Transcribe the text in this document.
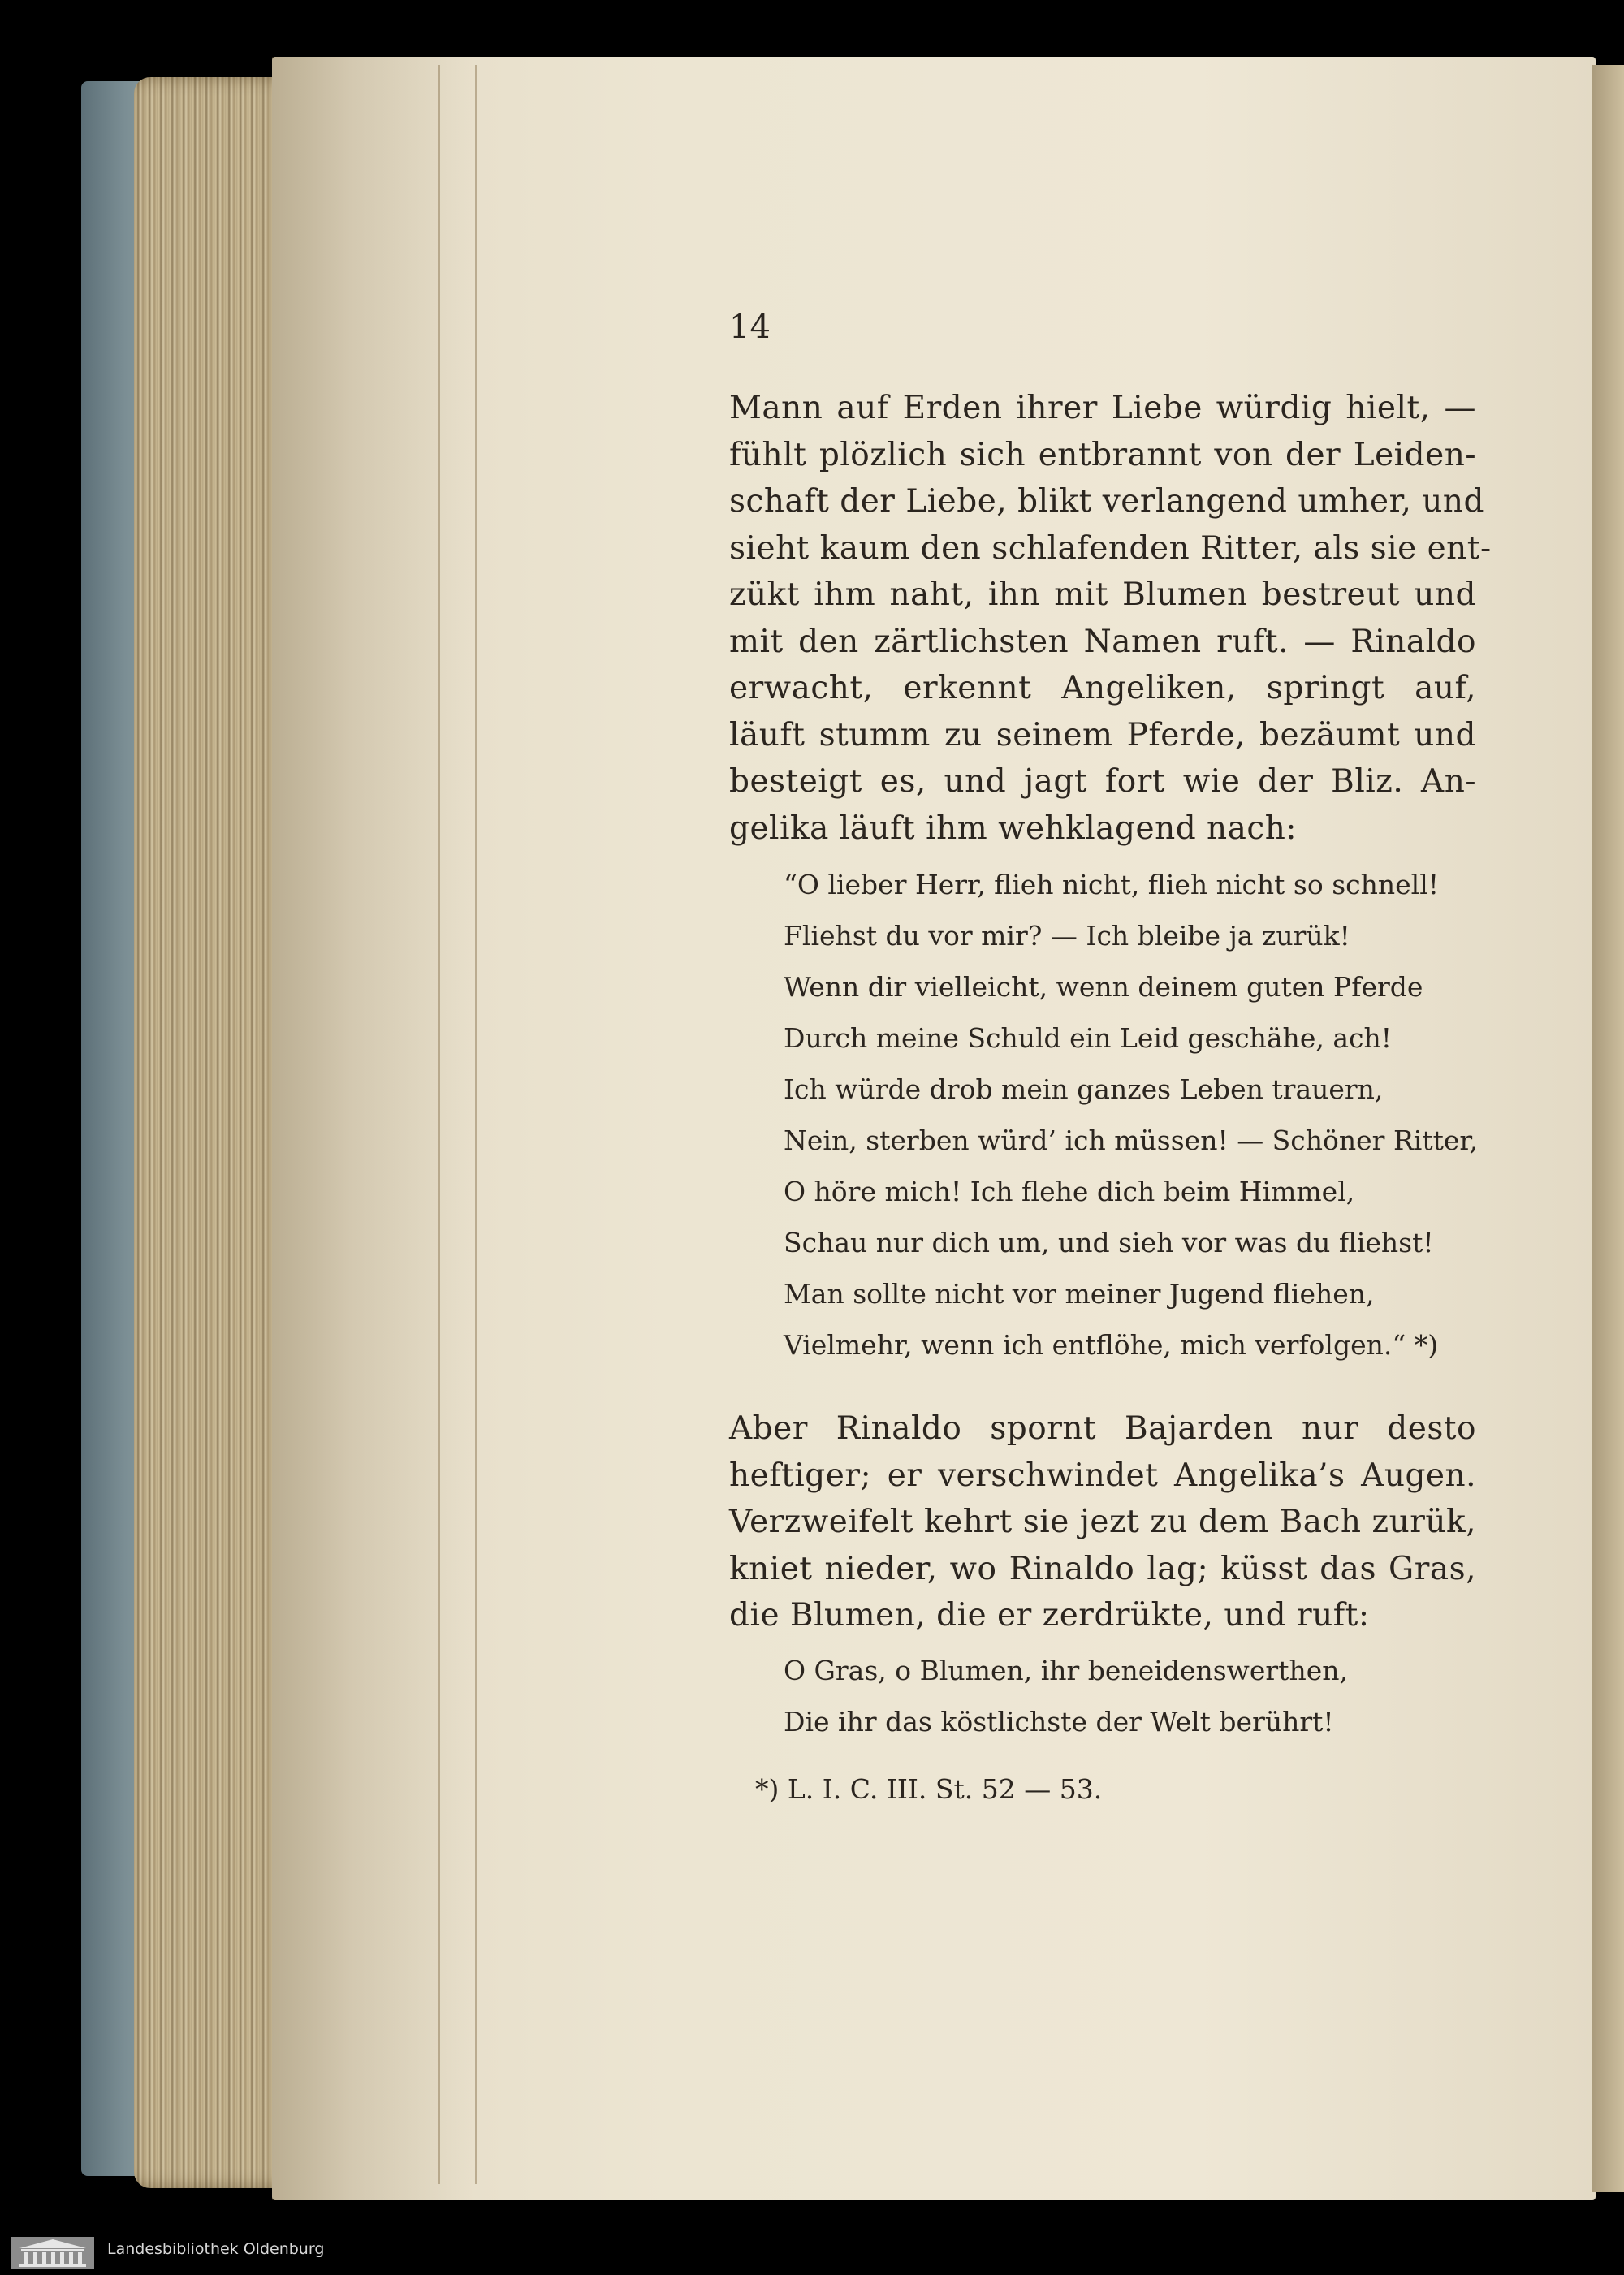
14
Mann auf Erden ihrer Liebe würdig hielt, —
fühlt plözlich sich entbrannt von der Leiden-
schaft der Liebe, blikt verlangend umher, und
sieht kaum den schlafenden Ritter, als sie ent-
zükt ihm naht, ihn mit Blumen bestreut und
mit den zärtlichsten Namen ruft. — Rinaldo
erwacht, erkennt Angeliken, springt auf,
läuft stumm zu seinem Pferde, bezäumt und
besteigt es, und jagt fort wie der Bliz. An-
gelika läuft ihm wehklagend nach:
“O lieber Herr, flieh nicht, flieh nicht so schnell!
Fliehst du vor mir? — Ich bleibe ja zurük!
Wenn dir vielleicht, wenn deinem guten Pferde
Durch meine Schuld ein Leid geschähe, ach!
Ich würde drob mein ganzes Leben trauern,
Nein, sterben würd’ ich müssen! — Schöner Ritter,
O höre mich! Ich flehe dich beim Himmel,
Schau nur dich um, und sieh vor was du fliehst!
Man sollte nicht vor meiner Jugend fliehen,
Vielmehr, wenn ich entflöhe, mich verfolgen.“ *)
Aber Rinaldo spornt Bajarden nur desto
heftiger; er verschwindet Angelika’s Augen.
Verzweifelt kehrt sie jezt zu dem Bach zurük,
kniet nieder, wo Rinaldo lag; küsst das Gras,
die Blumen, die er zerdrükte, und ruft:
O Gras, o Blumen, ihr beneidenswerthen,
Die ihr das köstlichste der Welt berührt!
*) L. I. C. III. St. 52 — 53.
Landesbibliothek Oldenburg
